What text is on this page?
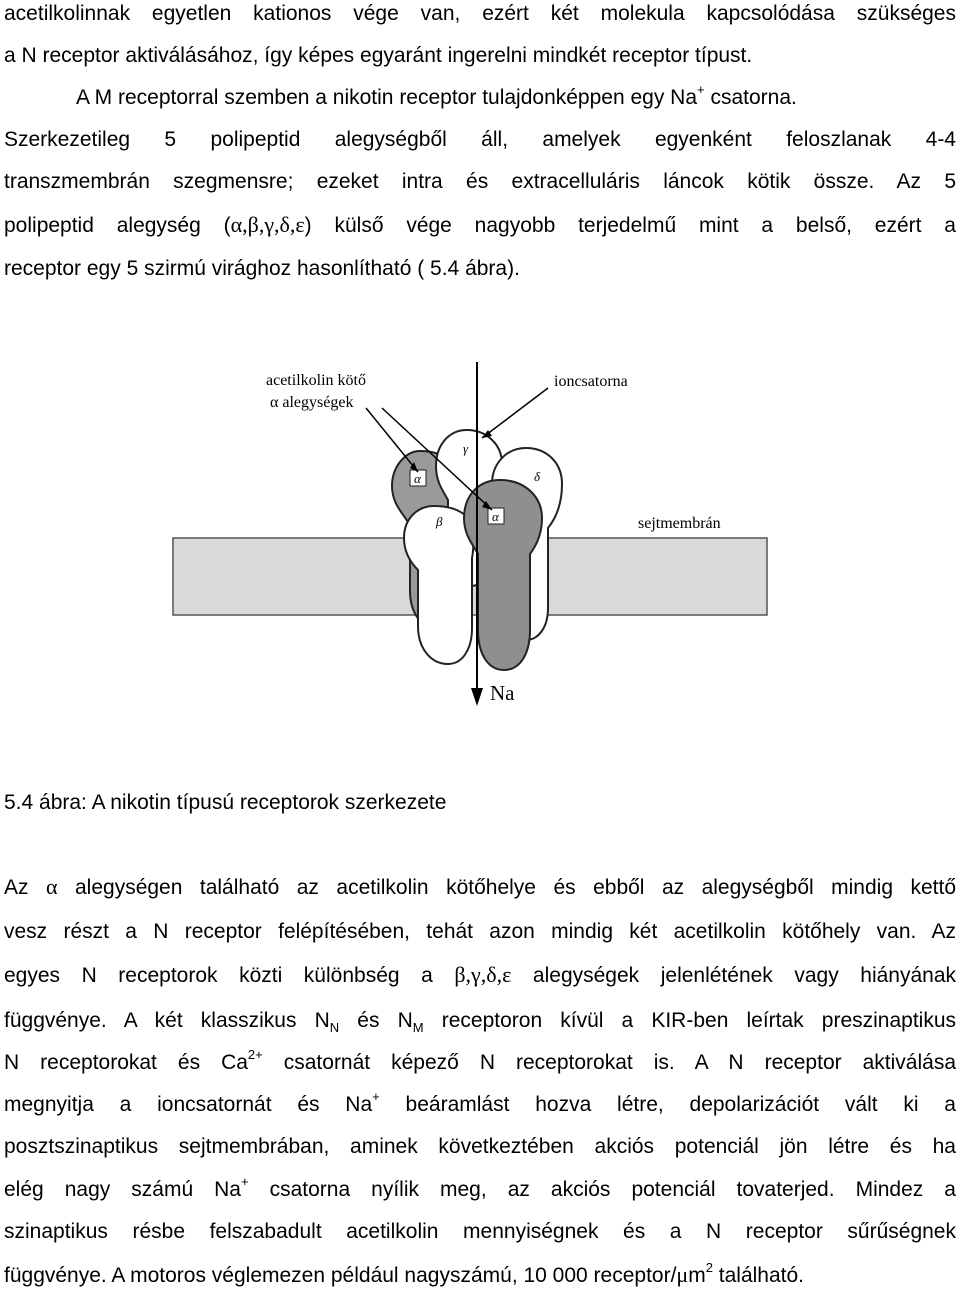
acetilkolinnak egyetlen kationos vége van, ezért két molekula kapcsolódása szükséges
a N receptor aktiválásához, így képes egyaránt ingerelni mindkét receptor típust.
A M receptorral szemben a nikotin receptor tulajdonképpen egy Na+ csatorna.
Szerkezetileg 5 polipeptid alegységből áll, amelyek egyenként feloszlanak 4-4
transzmembrán szegmensre; ezeket intra és extracelluláris láncok kötik össze. Az 5
polipeptid alegység (α,β,γ,δ,ε) külső vége nagyobb terjedelmű mint a belső, ezért a
receptor egy 5 szirmú virághoz hasonlítható ( 5.4 ábra).
α
γ
δ
β	α
acetilkolin kötő
α alegységek
ioncsatorna
sejtmembrán
Na
5.4 ábra: A nikotin típusú receptorok szerkezete
Az α alegységen található az acetilkolin kötőhelye és ebből az alegységből mindig kettő
vesz részt a N receptor felépítésében, tehát azon mindig két acetilkolin kötőhely van. Az
egyes N receptorok közti különbség a β,γ,δ,ε alegységek jelenlétének vagy hiányának
függvénye. A két klasszikus $N_N$ és $N_M$ receptoron kívül a KIR-ben leírtak preszinaptikus
N receptorokat és $Ca^{2+}$ csatornát képező N receptorokat is. A N receptor aktiválása
megnyitja a ioncsatornát és Na+ beáramlást hozva létre, depolarizációt vált ki a
posztszinaptikus sejtmembrában, aminek következtében akciós potenciál jön létre és ha
elég nagy számú Na+ csatorna nyílik meg, az akciós potenciál tovaterjed. Mindez a
szinaptikus résbe felszabadult acetilkolin mennyiségnek és a N receptor sűrűségnek
függvénye. A motoros véglemezen például nagyszámú, 10 000 receptor/$\mu m^2$ található.
